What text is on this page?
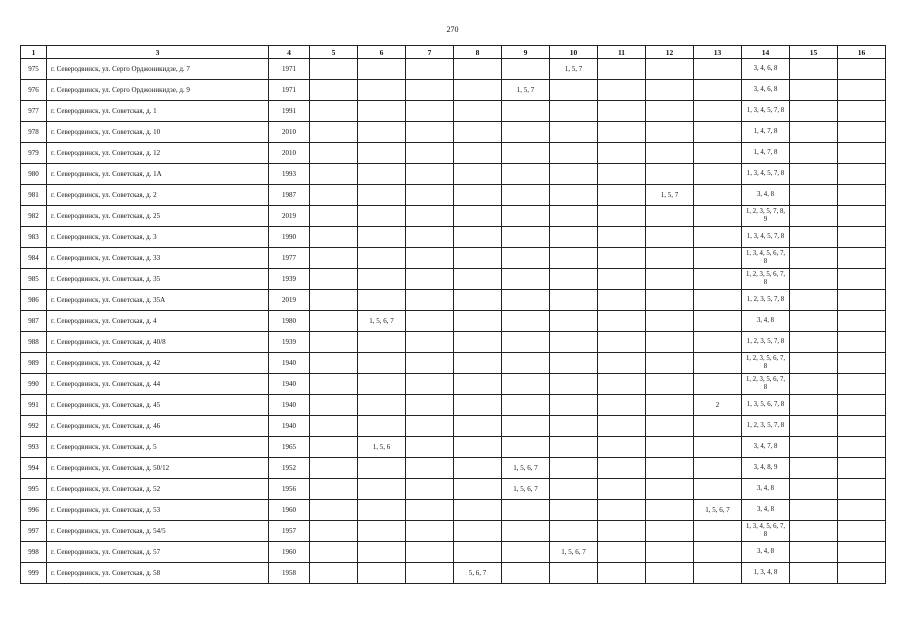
270
1	3	4	5	6	7	8	9	10	11	12	13	14	15	16
975	г. Северодвинск, ул. Серго Орджоникидзе, д. 7	1971						1, 5, 7				3, 4, 6, 8		
976	г. Северодвинск, ул. Серго Орджоникидзе, д. 9	1971					1, 5, 7					3, 4, 6, 8		
977	г. Северодвинск, ул. Советская, д. 1	1991										1, 3, 4, 5, 7, 8		
978	г. Северодвинск, ул. Советская, д. 10	2010										1, 4, 7, 8		
979	г. Северодвинск, ул. Советская, д. 12	2010										1, 4, 7, 8		
980	г. Северодвинск, ул. Советская, д. 1А	1993										1, 3, 4, 5, 7, 8		
981	г. Северодвинск, ул. Советская, д. 2	1987								1, 5, 7		3, 4, 8		
982	г. Северодвинск, ул. Советская, д. 25	2019										1, 2, 3, 5, 7, 8, 9		
983	г. Северодвинск, ул. Советская, д. 3	1990										1, 3, 4, 5, 7, 8		
984	г. Северодвинск, ул. Советская, д. 33	1977										1, 3, 4, 5, 6, 7, 8		
985	г. Северодвинск, ул. Советская, д. 35	1939										1, 2, 3, 5, 6, 7, 8		
986	г. Северодвинск, ул. Советская, д. 35А	2019										1, 2, 3, 5, 7, 8		
987	г. Северодвинск, ул. Советская, д. 4	1980		1, 5, 6, 7								3, 4, 8		
988	г. Северодвинск, ул. Советская, д. 40/8	1939										1, 2, 3, 5, 7, 8		
989	г. Северодвинск, ул. Советская, д. 42	1940										1, 2, 3, 5, 6, 7, 8		
990	г. Северодвинск, ул. Советская, д. 44	1940										1, 2, 3, 5, 6, 7, 8		
991	г. Северодвинск, ул. Советская, д. 45	1940									2	1, 3, 5, 6, 7, 8		
992	г. Северодвинск, ул. Советская, д. 46	1940										1, 2, 3, 5, 7, 8		
993	г. Северодвинск, ул. Советская, д. 5	1965		1, 5, 6								3, 4, 7, 8		
994	г. Северодвинск, ул. Советская, д. 50/12	1952					1, 5, 6, 7					3, 4, 8, 9		
995	г. Северодвинск, ул. Советская, д. 52	1956					1, 5, 6, 7					3, 4, 8		
996	г. Северодвинск, ул. Советская, д. 53	1960									1, 5, 6, 7	3, 4, 8		
997	г. Северодвинск, ул. Советская, д. 54/5	1957										1, 3, 4, 5, 6, 7, 8		
998	г. Северодвинск, ул. Советская, д. 57	1960						1, 5, 6, 7				3, 4, 8		
999	г. Северодвинск, ул. Советская, д. 58	1958				5, 6, 7						1, 3, 4, 8		
